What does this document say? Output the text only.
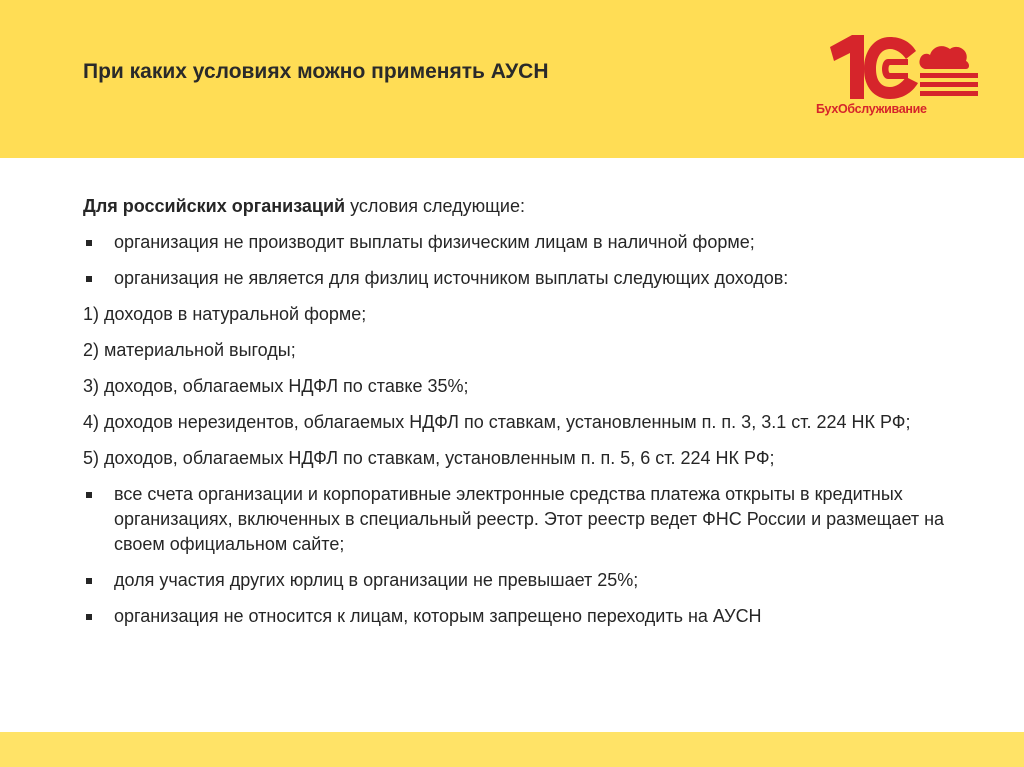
При каких условиях можно применять АУСН
БухОбслуживание
Для российских организаций условия следующие:
организация не производит выплаты физическим лицам в наличной форме;
организация не является для физлиц источником выплаты следующих доходов:
1) доходов в натуральной форме;
2) материальной выгоды;
3) доходов, облагаемых НДФЛ по ставке 35%;
4) доходов нерезидентов, облагаемых НДФЛ по ставкам, установленным п. п. 3, 3.1 ст. 224 НК РФ;
5) доходов, облагаемых НДФЛ по ставкам, установленным п. п. 5, 6 ст. 224 НК РФ;
все счета организации и корпоративные электронные средства платежа открыты в кредитных организациях, включенных в специальный реестр. Этот реестр ведет ФНС России и размещает на своем официальном сайте;
доля участия других юрлиц в организации не превышает 25%;
организация не относится к лицам, которым запрещено переходить на АУСН
